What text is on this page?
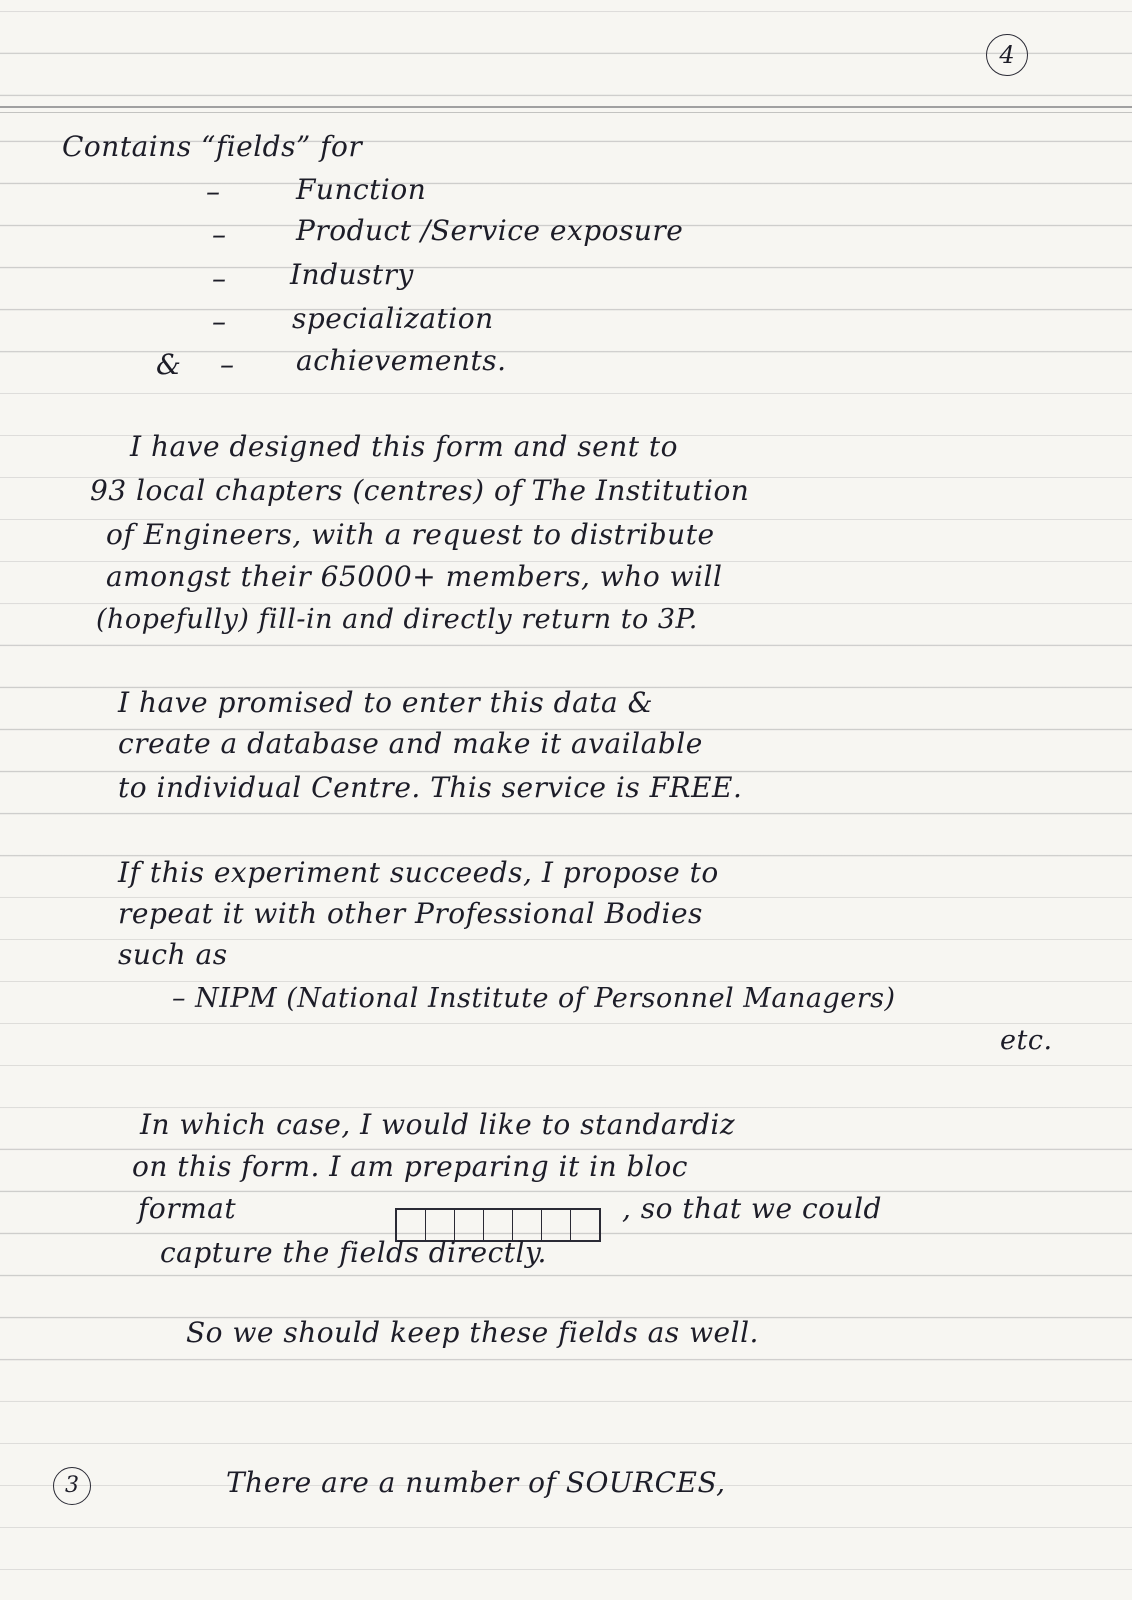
4
Contains “fields” for
–	Function
–	Product /Service exposure
– Industry
– specialization
& – achievements.
I have designed this form and sent to
93 local chapters (centres) of The Institution
of Engineers, with a request to distribute
amongst their 65000+ members, who will
(hopefully) fill-in and directly return to 3P.
I have promised to enter this data &
create a database and make it available
to individual Centre. This service is FREE.
If this experiment succeeds, I propose to
repeat it with other Professional Bodies
such as
– NIPM (National Institute of Personnel Managers)
etc.
In which case, I would like to standardiz
on this form. I am preparing it in bloc
format	, so that we could
capture the fields directly.
So we should keep these fields as well.
3	There are a number of SOURCES,
